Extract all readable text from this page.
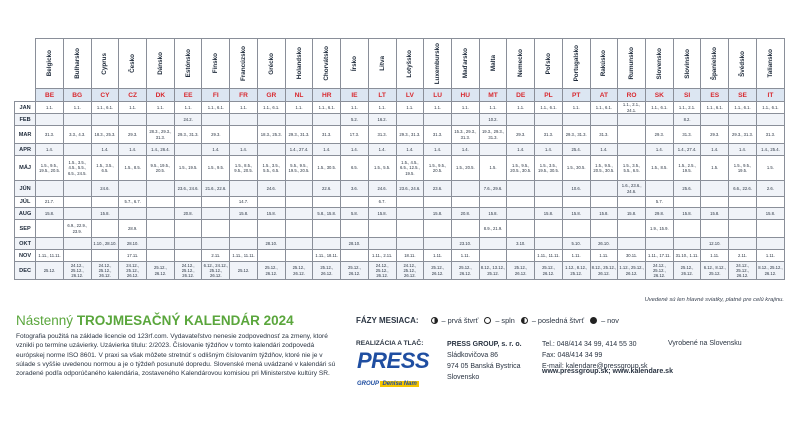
	Belgicko	Bulharsko	Cyprus	Česko	Dánsko	Estónsko	Fínsko	Francúzsko	Grécko	Holandsko	Chorvátsko	Írsko	Litva	Lotyšsko	Luxembursko	Maďarsko	Malta	Nemecko	Poľsko	Portugalsko	Rakúsko	Rumunsko	Slovensko	Slovinsko	Španielsko	Švédsko	Taliansko

	BE	BG	CY	CZ	DK	EE	FI	FR	GR	NL	HR	IE	LT	LV	LU	HU	MT	DE	PL	PT	AT	RO	SK	SI	ES	SE	IT
JAN	1.1.	1.1.	1.1., 6.1.	1.1.	1.1.	1.1.	1.1., 6.1.	1.1.	1.1., 6.1.	1.1.	1.1., 6.1.	1.1.	1.1.	1.1.	1.1.	1.1.	1.1.	1.1.	1.1., 6.1.	1.1.	1.1., 6.1.	1.1., 2.1., 24.1.	1.1., 6.1.	1.1., 2.1.	1.1., 6.1.	1.1., 6.1.	1.1., 6.1.
FEB						24.2.						5.2.	16.2.				10.2.							8.2.			
MAR	31.3.	3.3., 4.3.	18.3., 25.3.	29.3.	28.3., 29.3., 31.3.	29.3., 31.3.	29.3.		18.3., 25.3.	29.3., 31.3.	31.3.	17.3.	31.3.	29.3., 31.3.	31.3.	15.3., 29.3., 31.3.	19.3., 29.3., 31.3.	29.3.	31.3.	29.3., 31.3.	31.3.		29.3.	31.3.	29.3.	29.3., 31.3.	31.3.
APR	1.4.		1.4.	1.4.	1.4., 26.4.		1.4.	1.4.		1.4., 27.4.	1.4.	1.4.	1.4.	1.4.	1.4.	1.4.		1.4.	1.4.	25.4.	1.4.		1.4.	1.4., 27.4.	1.4.	1.4.	1.4., 25.4.
MÁJ	1.5., 9.5., 19.5., 20.5.	1.5., 3.5., 4.5., 5.5., 6.5., 24.5.	1.5., 3.5., 6.5.	1.5., 8.5.	9.5., 19.5., 20.5.	1.5., 19.5.	1.5., 9.5.	1.5., 8.5., 9.5., 20.5.	1.5., 3.5., 5.5., 6.5.	5.5., 9.5., 19.5., 20.5.	1.5., 30.5.	6.5.	1.5., 5.5.	1.5., 4.5., 6.5., 12.5., 19.5.	1.5., 9.5., 20.5.	1.5., 20.5.	1.5.	1.5., 9.5., 20.5., 30.5.	1.5., 3.5., 19.5., 30.5.	1.5., 30.5.	1.5., 9.5., 20.5., 30.5.	1.5., 3.5., 5.5., 6.5.	1.5., 8.5.	1.5., 2.5., 19.5.	1.5.	1.5., 9.5., 19.5.	1.5.
JÚN			24.6.			23.6., 24.6.	21.6., 22.6.		24.6.		22.6.	3.6.	24.6.	23.6., 24.6.	23.6.		7.6., 29.6.			10.6.		1.6., 23.6., 24.6.		25.6.		6.6., 22.6.	2.6.
JÚL	21.7.			5.7., 6.7.				14.7.					6.7.										5.7.				
AUG	15.8.		15.8.			20.8.		15.8.	15.8.		5.8., 15.8.	5.8.	15.8.		15.8.	20.8.	15.8.		15.8.	15.8.	15.8.	15.8.	29.8.	15.8.	15.8.		15.8.
SEP		6.9., 22.9., 23.9.		28.9.													8.9., 21.9.						1.9., 15.9.				
OKT			1.10., 28.10.	28.10.					28.10.			28.10.				23.10.		3.10.		5.10.	26.10.				12.10.		
NOV	1.11., 11.11.			17.11.			2.11.	1.11., 11.11.			1.11., 18.11.		1.11., 2.11.	18.11.	1.11.	1.11.			1.11., 11.11.	1.11.	1.11.	30.11.	1.11., 17.11.	31.10., 1.11.	1.11.	2.11.	1.11.
DEC	25.12.	24.12., 25.12., 26.12.	24.12., 25.12., 26.12.	24.12., 25.12., 26.12.	25.12., 26.12.	24.12., 25.12., 26.12.	6.12., 24.12., 25.12., 26.12.	25.12.	25.12., 26.12.	25.12., 26.12.	25.12., 26.12.	25.12., 26.12.	24.12., 25.12., 26.12.	24.12., 25.12., 26.12.	25.12., 26.12.	25.12., 26.12.	8.12., 13.12., 25.12.	25.12., 26.12.	25.12., 26.12.	1.12., 8.12., 25.12.	8.12., 25.12., 26.12.	1.12., 25.12., 26.12.	24.12., 25.12., 26.12.	25.12., 26.12.	6.12., 8.12., 25.12.	24.12., 25.12., 26.12.	8.12., 25.12., 26.12.
Uvedené sú len hlavné sviatky, platné pre celú krajinu.
Nástenný TROJMESAČNÝ KALENDÁR 2024
Fotografia použitá na základe licencie od 123rf.com. Vydavateľstvo nenesie zodpovednosť za zmeny, ktoré vznikli po termíne uzávierky. Uzávierka titulu: 2/2023. Číslovanie týždňov v tomto kalendári zodpovedá európskej norme ISO 8601. V praxi sa však môžete stretnúť s odlišným číslovaním týždňov, ktoré nie je v súlade s vyššie uvedenou normou a je o týždeň posunuté dopredu. Slovenské mená uvádzané v kalendári sú zoradené podľa odporúčaného kalendária, zostaveného Kalendárovou komisiou pri Ministerstve kultúry SR.
FÁZY MESIACA:	– prvá štvrť – spln – posledná štvrť – nov
REALIZÁCIA A TLAČ:
PRESS
GROUP Denisa Nam
PRESS GROUP, s. r. o.
Sládkovičova 86
974 05 Banská Bystrica
Slovensko
Tel.: 048/414 34 99, 414 55 30
Fax: 048/414 34 99
E-mail: kalendare@pressgroup.sk
www.pressgroup.sk; www.kalendare.sk
Vyrobené na Slovensku
